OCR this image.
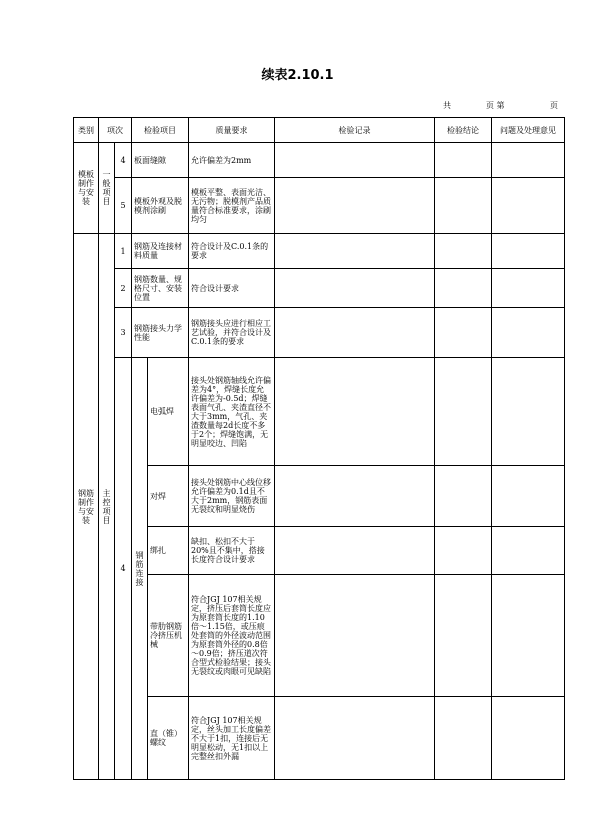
续表2.10.1
共	页 第	页
类别	项次		检验项目		质量要求	检验记录	检验结论	问题及处理意见
模板制作与安装	一般项目	4	板面缝隙		允许偏差为2mm			
		5	模板外观及脱模剂涂刷		模板平整、表面光洁、无污物；脱模剂产品质量符合标准要求，涂刷均匀			
钢筋制作与安装	主控项目	1	钢筋及连接材料质量		符合设计及C.0.1条的要求			
		2	钢筋数量、规格尺寸、安装位置		符合设计要求			
		3	钢筋接头力学性能		钢筋接头应进行相应工艺试验，并符合设计及C.0.1条的要求			
		4	钢筋连接	电弧焊	接头处钢筋轴线允许偏差为4°，焊缝长度允许偏差为-0.5d；焊缝表面气孔、夹渣直径不大于3mm，气孔、夹渣数量每2d长度不多于2个；焊缝饱满，无明显咬边、凹陷			
				对焊	接头处钢筋中心线位移允许偏差为0.1d且不大于2mm，钢筋表面无裂纹和明显烧伤			
				绑扎	缺扣、松扣不大于20%且不集中，搭接长度符合设计要求			
				带肋钢筋冷挤压机械	符合JGJ 107相关规定，挤压后套筒长度应为原套筒长度的1.10倍～1.15倍，或压痕处套筒的外径波动范围为原套筒外径的0.8倍～0.9倍；挤压道次符合型式检验结果；接头无裂纹或肉眼可见缺陷			
				直（锥）螺纹	符合JGJ 107相关规定，丝头加工长度偏差不大于1扣，连接后无明显松动，无1扣以上完整丝扣外漏			
